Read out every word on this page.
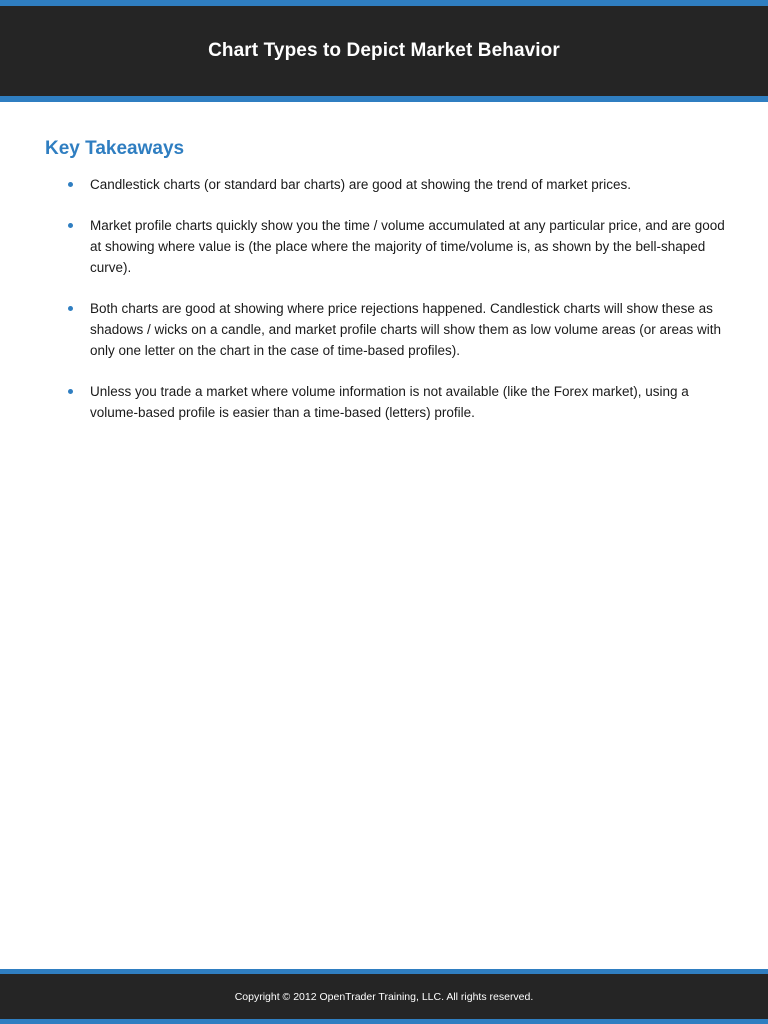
Chart Types to Depict Market Behavior
Key Takeaways
Candlestick charts (or standard bar charts) are good at showing the trend of market prices.
Market profile charts quickly show you the time / volume accumulated at any particular price, and are good at showing where value is (the place where the majority of time/volume is, as shown by the bell-shaped curve).
Both charts are good at showing where price rejections happened. Candlestick charts will show these as shadows / wicks on a candle, and market profile charts will show them as low volume areas (or areas with only one letter on the chart in the case of time-based profiles).
Unless you trade a market where volume information is not available (like the Forex market), using a volume-based profile is easier than a time-based (letters) profile.
Copyright © 2012 OpenTrader Training, LLC. All rights reserved.
